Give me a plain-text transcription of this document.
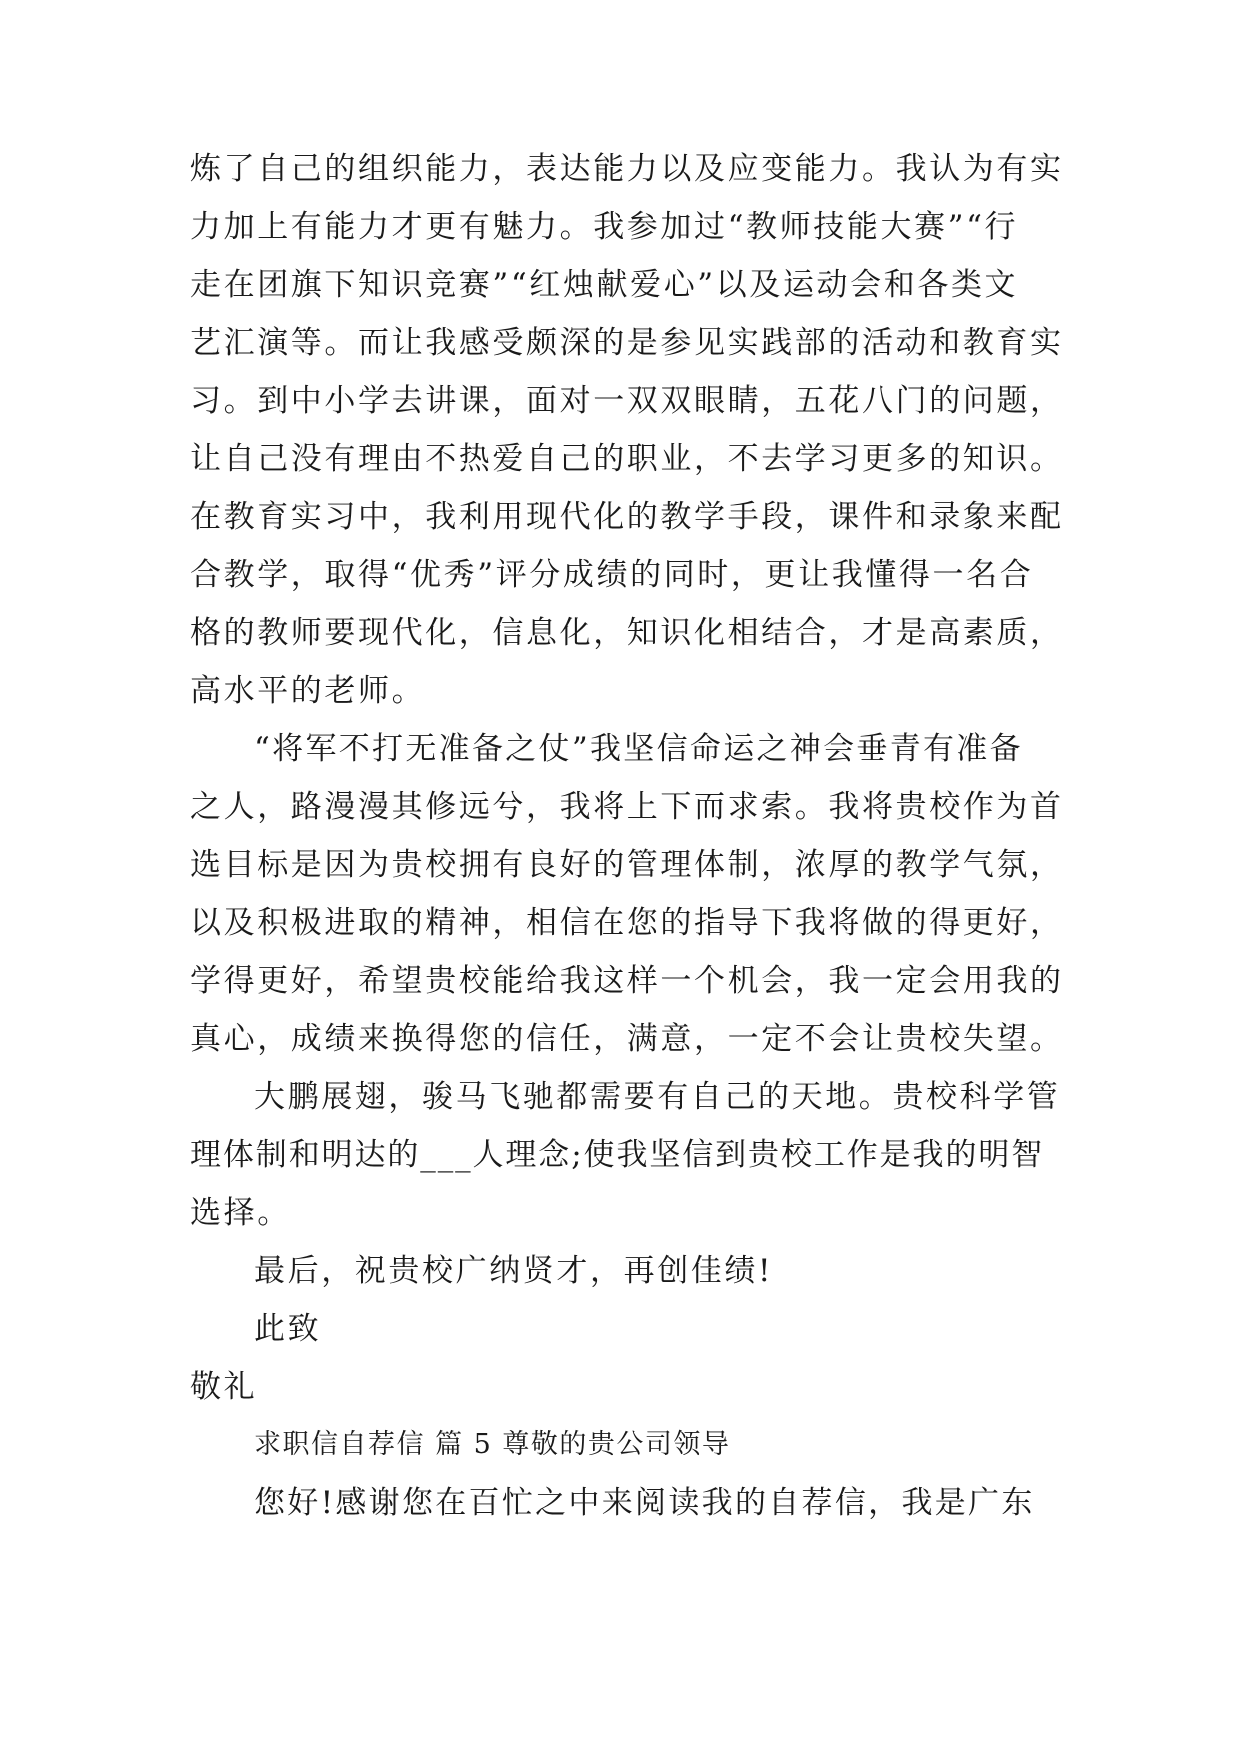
炼了自己的组织能力，表达能力以及应变能力。我认为有实
力加上有能力才更有魅力。我参加过“教师技能大赛”“行
走在团旗下知识竞赛”“红烛献爱心”以及运动会和各类文
艺汇演等。而让我感受颇深的是参见实践部的活动和教育实
习。到中小学去讲课，面对一双双眼睛，五花八门的问题，
让自己没有理由不热爱自己的职业，不去学习更多的知识。
在教育实习中，我利用现代化的教学手段，课件和录象来配
合教学，取得“优秀”评分成绩的同时，更让我懂得一名合
格的教师要现代化，信息化，知识化相结合，才是高素质，
高水平的老师。
“将军不打无准备之仗”我坚信命运之神会垂青有准备
之人，路漫漫其修远兮，我将上下而求索。我将贵校作为首
选目标是因为贵校拥有良好的管理体制，浓厚的教学气氛，
以及积极进取的精神，相信在您的指导下我将做的得更好，
学得更好，希望贵校能给我这样一个机会，我一定会用我的
真心，成绩来换得您的信任，满意，一定不会让贵校失望。
大鹏展翅，骏马飞驰都需要有自己的天地。贵校科学管
理体制和明达的___人理念;使我坚信到贵校工作是我的明智
选择。
最后，祝贵校广纳贤才，再创佳绩!
此致
敬礼
求职信自荐信 篇 5 尊敬的贵公司领导
您好!感谢您在百忙之中来阅读我的自荐信，我是广东
